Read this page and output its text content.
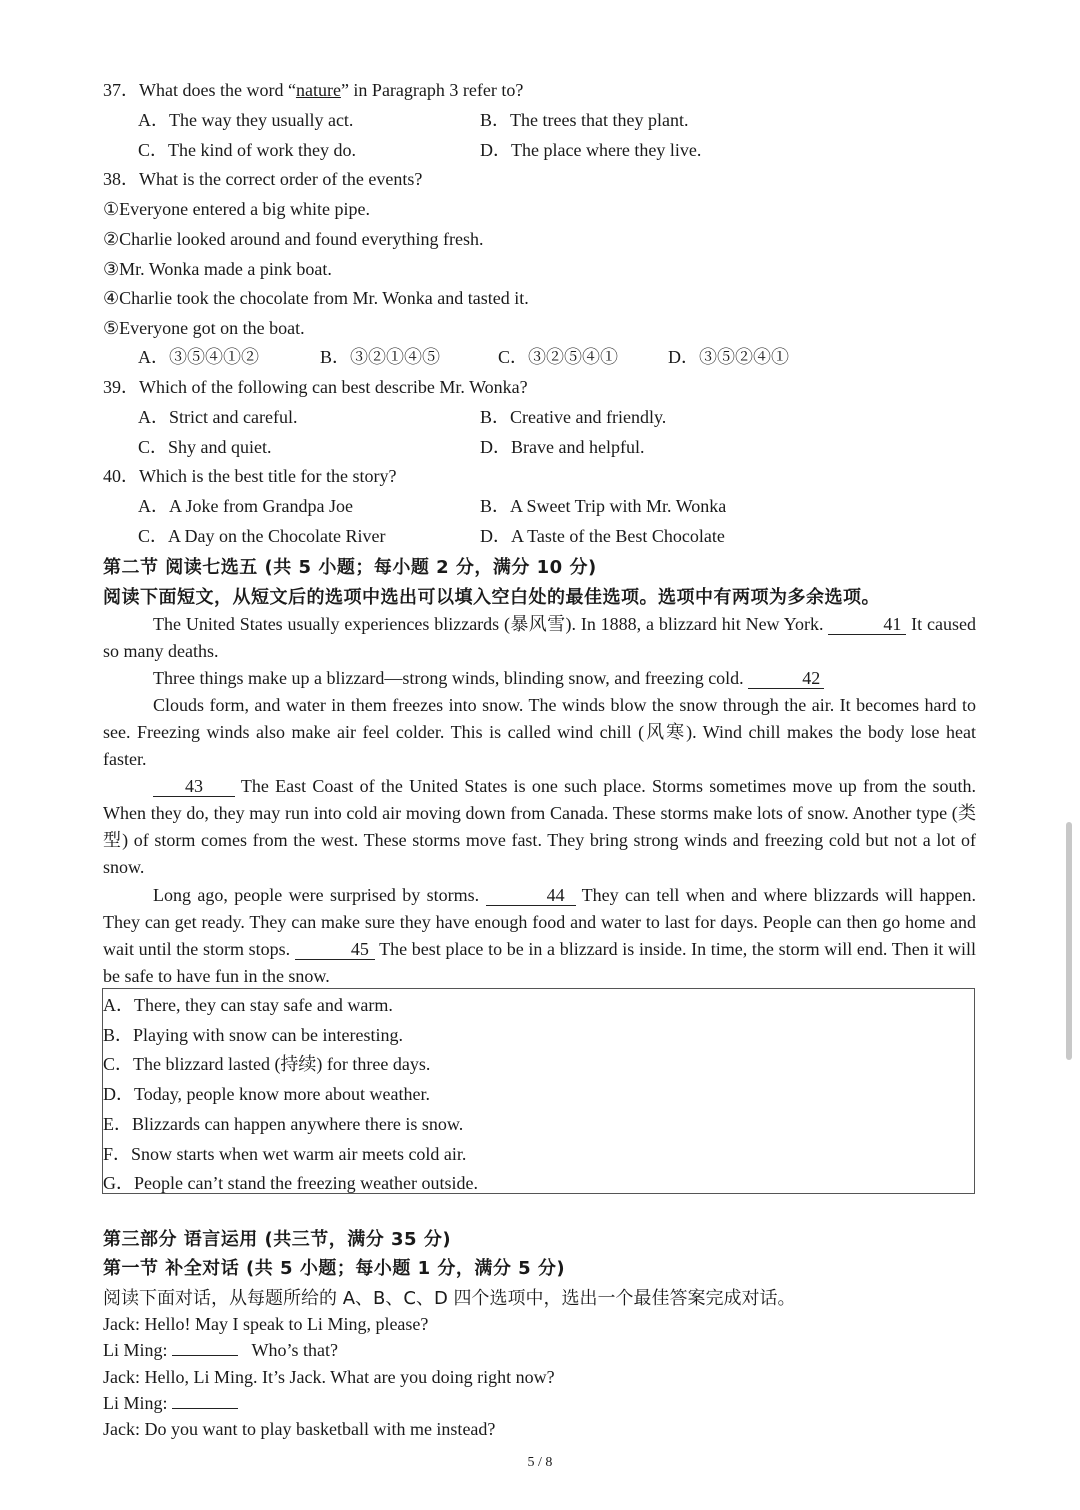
37．What does the word “nature” in Paragraph 3 refer to?
A．The way they usually act.	B．The trees that they plant.
C．The kind of work they do.	D．The place where they live.
38．What is the correct order of the events?
①Everyone entered a big white pipe.
②Charlie looked around and found everything fresh.
③Mr. Wonka made a pink boat.
④Charlie took the chocolate from Mr. Wonka and tasted it.
⑤Everyone got on the boat.
A．③⑤④①②	B．③②①④⑤	C．③②⑤④①	D．③⑤②④①
39．Which of the following can best describe Mr. Wonka?
A．Strict and careful.	B．Creative and friendly.
C．Shy and quiet.	D．Brave and helpful.
40．Which is the best title for the story?
A．A Joke from Grandpa Joe	B．A Sweet Trip with Mr. Wonka
C．A Day on the Chocolate River	D．A Taste of the Best Chocolate
第二节 阅读七选五 (共 5 小题；每小题 2 分，满分 10 分)
阅读下面短文，从短文后的选项中选出可以填入空白处的最佳选项。选项中有两项为多余选项。

The United States usually experiences blizzards (暴风雪). In 1888, a blizzard hit New York.	41 It caused so many deaths.

Three things make up a blizzard—strong winds, blinding snow, and freezing cold.	42

Clouds form, and water in them freezes into snow. The winds blow the snow through the air. It becomes hard to see. Freezing winds also make air feel colder. This is called wind chill (风寒). Wind chill makes the body lose heat faster.

43 The East Coast of the United States is one such place. Storms sometimes move up from the south. When they do, they may run into cold air moving down from Canada. These storms make lots of snow. Another type (类型) of storm comes from the west. These storms move fast. They bring strong winds and freezing cold but not a lot of snow.

Long ago, people were surprised by storms.	44 They can tell when and where blizzards will happen. They can get ready. They can make sure they have enough food and water to last for days. People can then go home and wait until the storm stops.	45 The best place to be in a blizzard is inside. In time, the storm will end. Then it will be safe to have fun in the snow.

A．There, they can stay safe and warm.
B．Playing with snow can be interesting.
C．The blizzard lasted (持续) for three days.
D．Today, people know more about weather.
E．Blizzards can happen anywhere there is snow.
F．Snow starts when wet warm air meets cold air.
G．People can’t stand the freezing weather outside.
第三部分 语言运用 (共三节，满分 35 分)
第一节 补全对话 (共 5 小题；每小题 1 分，满分 5 分)
阅读下面对话，从每题所给的 A、B、C、D 四个选项中，选出一个最佳答案完成对话。
Jack: Hello! May I speak to Li Ming, please?
Li Ming:	Who’s that?
Jack: Hello, Li Ming. It’s Jack. What are you doing right now?
Li Ming:
Jack: Do you want to play basketball with me instead?
5 / 8
